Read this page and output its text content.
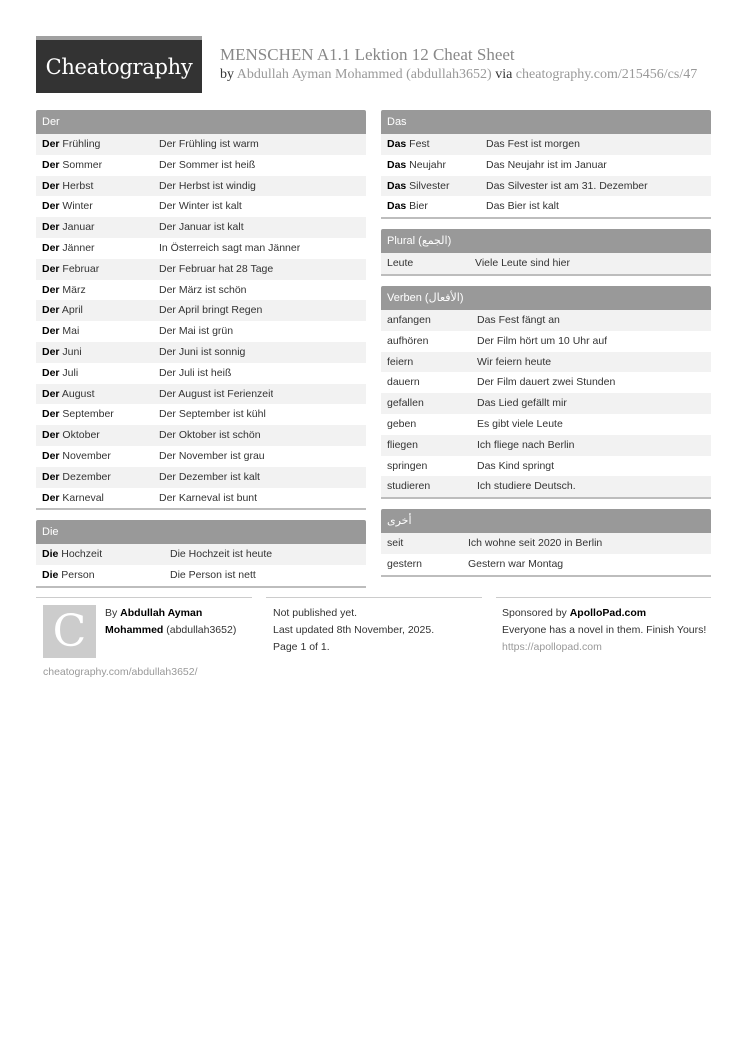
Cheatography MENSCHEN A1.1 Lektion 12 Cheat Sheet
by Abdullah Ayman Mohammed (abdullah3652) via cheatography.com/215456/cs/47
Der
Der Frühling	Der Frühling ist warm
Der Sommer	Der Sommer ist heiß
Der Herbst	Der Herbst ist windig
Der Winter	Der Winter ist kalt
Der Januar	Der Januar ist kalt
Der Jänner	In Österreich sagt man Jänner
Der Februar	Der Februar hat 28 Tage
Der März	Der März ist schön
Der April	Der April bringt Regen
Der Mai	Der Mai ist grün
Der Juni	Der Juni ist sonnig
Der Juli	Der Juli ist heiß
Der August	Der August ist Ferienzeit
Der September	Der September ist kühl
Der Oktober	Der Oktober ist schön
Der November	Der November ist grau
Der Dezember	Der Dezember ist kalt
Der Karneval	Der Karneval ist bunt
Die
Die Hochzeit	Die Hochzeit ist heute
Die Person	Die Person ist nett
Das
Das Fest	Das Fest ist morgen
Das Neujahr	Das Neujahr ist im Januar
Das Silvester	Das Silvester ist am 31. Dezember
Das Bier	Das Bier ist kalt
Plural (الجمع)
Leute	Viele Leute sind hier
Verben (الأفعال)
anfangen	Das Fest fängt an
aufhören	Der Film hört um 10 Uhr auf
feiern	Wir feiern heute
dauern	Der Film dauert zwei Stunden
gefallen	Das Lied gefällt mir
geben	Es gibt viele Leute
fliegen	Ich fliege nach Berlin
springen	Das Kind springt
studieren	Ich studiere Deutsch.
أخرى
seit	Ich wohne seit 2020 in Berlin
gestern	Gestern war Montag
C By Abdullah Ayman
Mohammed (abdullah3652)
cheatography.com/abdullah3652/
Not published yet.
Last updated 8th November, 2025.
Page 1 of 1.
Sponsored by ApolloPad.com
Everyone has a novel in them. Finish Yours!
https://apollopad.com
